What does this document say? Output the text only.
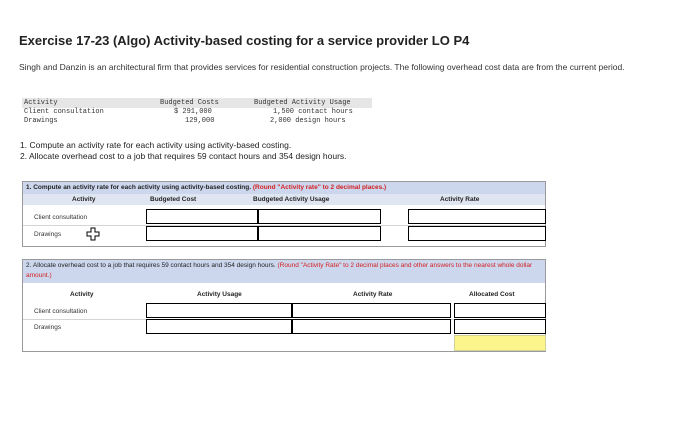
Exercise 17-23 (Algo) Activity-based costing for a service provider LO P4
Singh and Danzin is an architectural firm that provides services for residential construction projects. The following overhead cost data are from the current period.
Activity	Budgeted Costs	Budgeted Activity Usage
Client consultation	$ 291,000	1,500 contact hours
Drawings	129,000	2,000 design hours
1. Compute an activity rate for each activity using activity-based costing.
2. Allocate overhead cost to a job that requires 59 contact hours and 354 design hours.
1. Compute an activity rate for each activity using activity-based costing. (Round "Activity rate" to 2 decimal places.)
Activity	Budgeted Cost	Budgeted Activity Usage	Activity Rate
Client consultation
Drawings
2. Allocate overhead cost to a job that requires 59 contact hours and 354 design hours. (Round "Activity Rate" to 2 decimal places and other answers to the nearest whole dollar amount.)
Activity	Activity Usage	Activity Rate	Allocated Cost
Client consultation
Drawings
